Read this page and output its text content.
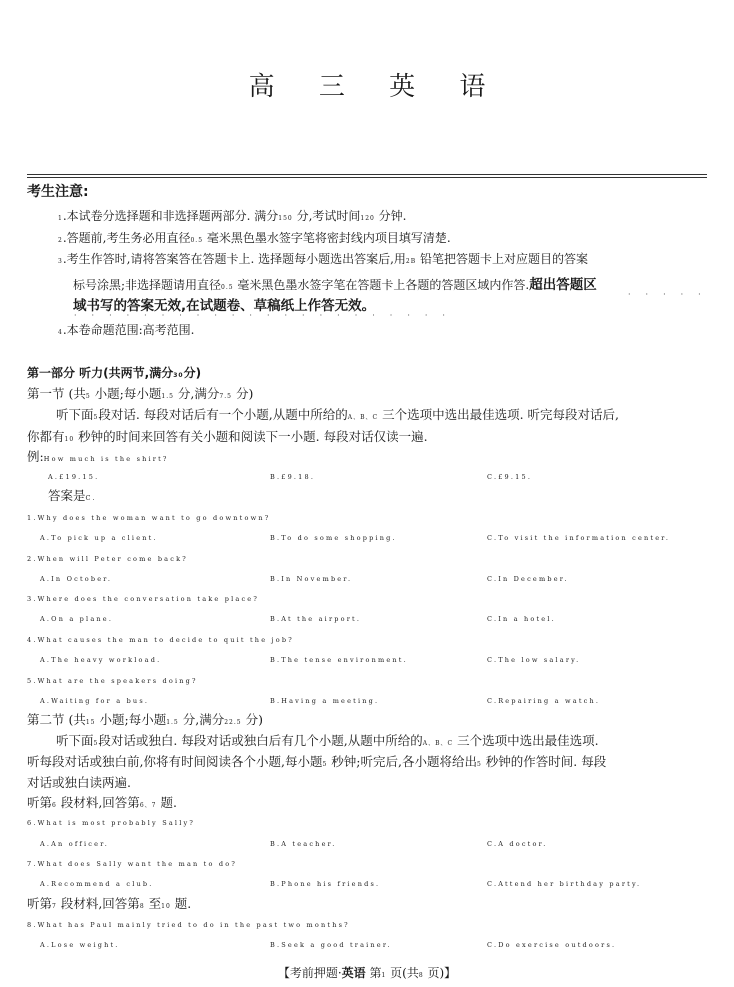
高 三 英 语
考生注意:
1.本试卷分选择题和非选择题两部分. 满分150 分,考试时间120 分钟.
2.答题前,考生务必用直径0.5 毫米黑色墨水签字笔将密封线内项目填写清楚.
3.考生作答时,请将答案答在答题卡上. 选择题每小题选出答案后,用2B 铅笔把答题卡上对应题目的答案
标号涂黑;非选择题请用直径0.5 毫米黑色墨水签字笔在答题卡上各题的答题区域内作答.超出答题区
·····
域书写的答案无效,在试题卷、草稿纸上作答无效。
······················
4.本卷命题范围:高考范围.
第一部分 听力(共两节,满分30分)
第一节 (共5 小题;每小题1.5 分,满分7.5 分)
听下面5段对话. 每段对话后有一个小题,从题中所给的A、B、C 三个选项中选出最佳选项. 听完每段对话后,
你都有10 秒钟的时间来回答有关小题和阅读下一小题. 每段对话仅读一遍.
例:How much is the shirt?
A.£19.15.	B.£9.18.	C.£9.15.
答案是C.
1.Why does the woman want to go downtown?
A.To pick up a client.	B.To do some shopping.	C.To visit the information center.
2.When will Peter come back?
A.In October.	B.In November.	C.In December.
3.Where does the conversation take place?
A.On a plane.	B.At the airport.	C.In a hotel.
4.What causes the man to decide to quit the job?
A.The heavy workload.	B.The tense environment.	C.The low salary.
5.What are the speakers doing?
A.Waiting for a bus.	B.Having a meeting.	C.Repairing a watch.
第二节 (共15 小题;每小题1.5 分,满分22.5 分)
听下面5段对话或独白. 每段对话或独白后有几个小题,从题中所给的A、B、C 三个选项中选出最佳选项.
听每段对话或独白前,你将有时间阅读各个小题,每小题5 秒钟;听完后,各小题将给出5 秒钟的作答时间. 每段
对话或独白读两遍.
听第6 段材料,回答第6、7 题.
6.What is most probably Sally?
A.An officer.	B.A teacher.	C.A doctor.
7.What does Sally want the man to do?
A.Recommend a club.	B.Phone his friends.	C.Attend her birthday party.
听第7 段材料,回答第8 至10 题.
8.What has Paul mainly tried to do in the past two months?
A.Lose weight.	B.Seek a good trainer.	C.Do exercise outdoors.
【考前押题·英语 第1 页(共8 页)】
